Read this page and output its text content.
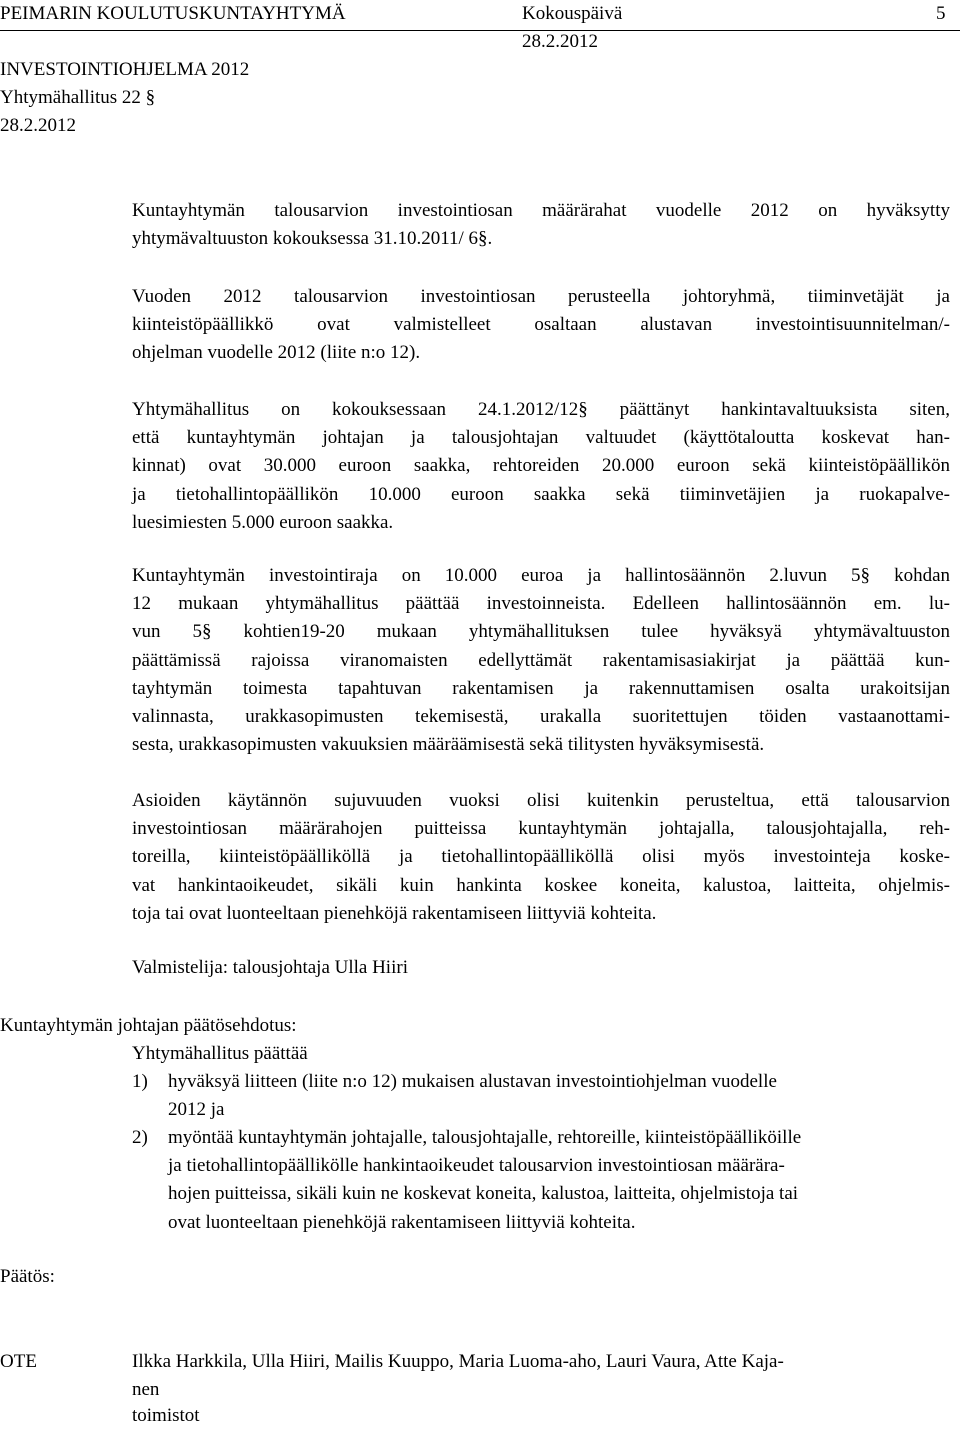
PEIMARIN KOULUTUSKUNTAYHTYMÄ	Kokouspäivä	5
28.2.2012
INVESTOINTIOHJELMA 2012
Yhtymähallitus 22 §
28.2.2012
Kuntayhtymän talousarvion investointiosan määrärahat vuodelle 2012 on hyväksytty
yhtymävaltuuston kokouksessa 31.10.2011/ 6§.
Vuoden 2012 talousarvion investointiosan perusteella johtoryhmä, tiiminvetäjät ja
kiinteistöpäällikkö ovat valmistelleet osaltaan alustavan investointisuunnitelman/-
ohjelman vuodelle 2012 (liite n:o 12).
Yhtymähallitus on kokouksessaan 24.1.2012/12§ päättänyt hankintavaltuuksista siten,
että kuntayhtymän johtajan ja talousjohtajan valtuudet (käyttötaloutta koskevat han-
kinnat) ovat 30.000 euroon saakka, rehtoreiden 20.000 euroon sekä kiinteistöpäällikön
ja tietohallintopäällikön 10.000 euroon saakka sekä tiiminvetäjien ja ruokapalve-
luesimiesten 5.000 euroon saakka.
Kuntayhtymän investointiraja on 10.000 euroa ja hallintosäännön 2.luvun 5§ kohdan
12 mukaan yhtymähallitus päättää investoinneista. Edelleen hallintosäännön em. lu-
vun 5§ kohtien19-20 mukaan yhtymähallituksen tulee hyväksyä yhtymävaltuuston
päättämissä rajoissa viranomaisten edellyttämät rakentamisasiakirjat ja päättää kun-
tayhtymän toimesta tapahtuvan rakentamisen ja rakennuttamisen osalta urakoitsijan
valinnasta, urakkasopimusten tekemisestä, urakalla suoritettujen töiden vastaanottami-
sesta, urakkasopimusten vakuuksien määräämisestä sekä tilitysten hyväksymisestä.
Asioiden käytännön sujuvuuden vuoksi olisi kuitenkin perusteltua, että talousarvion
investointiosan määrärahojen puitteissa kuntayhtymän johtajalla, talousjohtajalla, reh-
toreilla, kiinteistöpäälliköllä ja tietohallintopäälliköllä olisi myös investointeja koske-
vat hankintaoikeudet, sikäli kuin hankinta koskee koneita, kalustoa, laitteita, ohjelmis-
toja tai ovat luonteeltaan pienehköjä rakentamiseen liittyviä kohteita.
Valmistelija: talousjohtaja Ulla Hiiri
Kuntayhtymän johtajan päätösehdotus:
Yhtymähallitus päättää
1) hyväksyä liitteen (liite n:o 12) mukaisen alustavan investointiohjelman vuodelle
2012 ja
2) myöntää kuntayhtymän johtajalle, talousjohtajalle, rehtoreille, kiinteistöpäälliköille
ja tietohallintopäällikölle hankintaoikeudet talousarvion investointiosan määrära-
hojen puitteissa, sikäli kuin ne koskevat koneita, kalustoa, laitteita, ohjelmistoja tai
ovat luonteeltaan pienehköjä rakentamiseen liittyviä kohteita.
Päätös:
OTE	Ilkka Harkkila, Ulla Hiiri, Mailis Kuuppo, Maria Luoma-aho, Lauri Vaura, Atte Kaja-
nen
toimistot
